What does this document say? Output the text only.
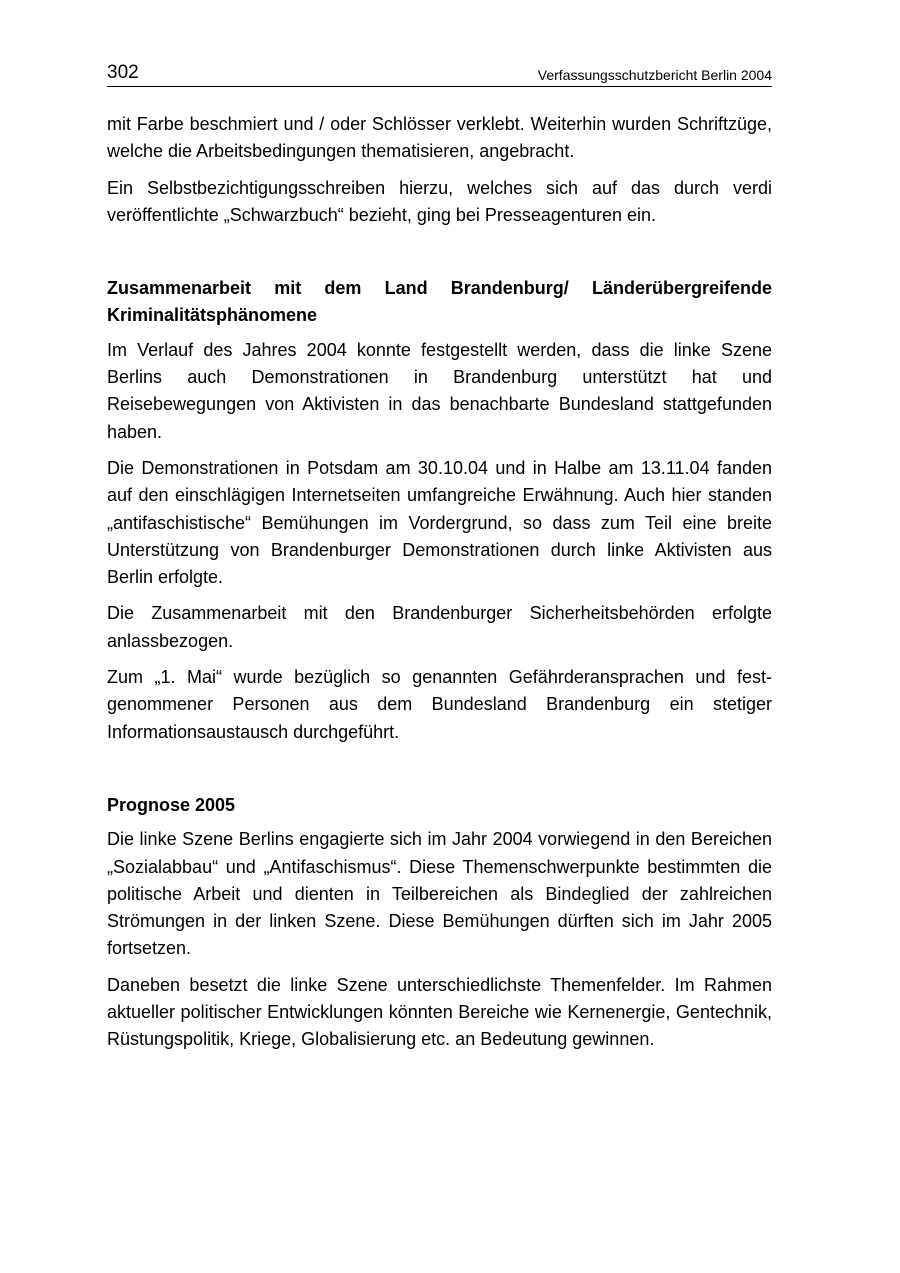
302	Verfassungsschutzbericht Berlin 2004

mit Farbe beschmiert und / oder Schlösser verklebt. Weiterhin wurden Schriftzüge, welche die Arbeitsbedingungen thematisieren, angebracht.

Ein Selbstbezichtigungsschreiben hierzu, welches sich auf das durch verdi veröffentlichte „Schwarzbuch“ bezieht, ging bei Presseagenturen ein.

Zusammenarbeit mit dem Land Brandenburg/ Länderübergreifende Kriminalitätsphänomene

Im Verlauf des Jahres 2004 konnte festgestellt werden, dass die linke Szene Berlins auch Demonstrationen in Brandenburg unterstützt hat und Reisebewegungen von Aktivisten in das benachbarte Bundesland stattgefunden haben.

Die Demonstrationen in Potsdam am 30.10.04 und in Halbe am 13.11.04 fanden auf den einschlägigen Internetseiten umfangreiche Erwähnung. Auch hier standen „antifaschistische“ Bemühungen im Vordergrund, so dass zum Teil eine breite Unterstützung von Brandenburger Demonstrationen durch linke Aktivisten aus Berlin erfolgte.

Die Zusammenarbeit mit den Brandenburger Sicherheitsbehörden erfolgte anlassbezogen.

Zum „1. Mai“ wurde bezüglich so genannten Gefährderansprachen und festgenommener Personen aus dem Bundesland Brandenburg ein stetiger Informationsaustausch durchgeführt.

Prognose 2005

Die linke Szene Berlins engagierte sich im Jahr 2004 vorwiegend in den Bereichen „Sozialabbau“ und „Antifaschismus“. Diese Themenschwerpunkte bestimmten die politische Arbeit und dienten in Teilbereichen als Bindeglied der zahlreichen Strömungen in der linken Szene. Diese Bemühungen dürften sich im Jahr 2005 fortsetzen.

Daneben besetzt die linke Szene unterschiedlichste Themenfelder. Im Rahmen aktueller politischer Entwicklungen könnten Bereiche wie Kernenergie, Gentechnik, Rüstungspolitik, Kriege, Globalisierung etc. an Bedeutung gewinnen.
